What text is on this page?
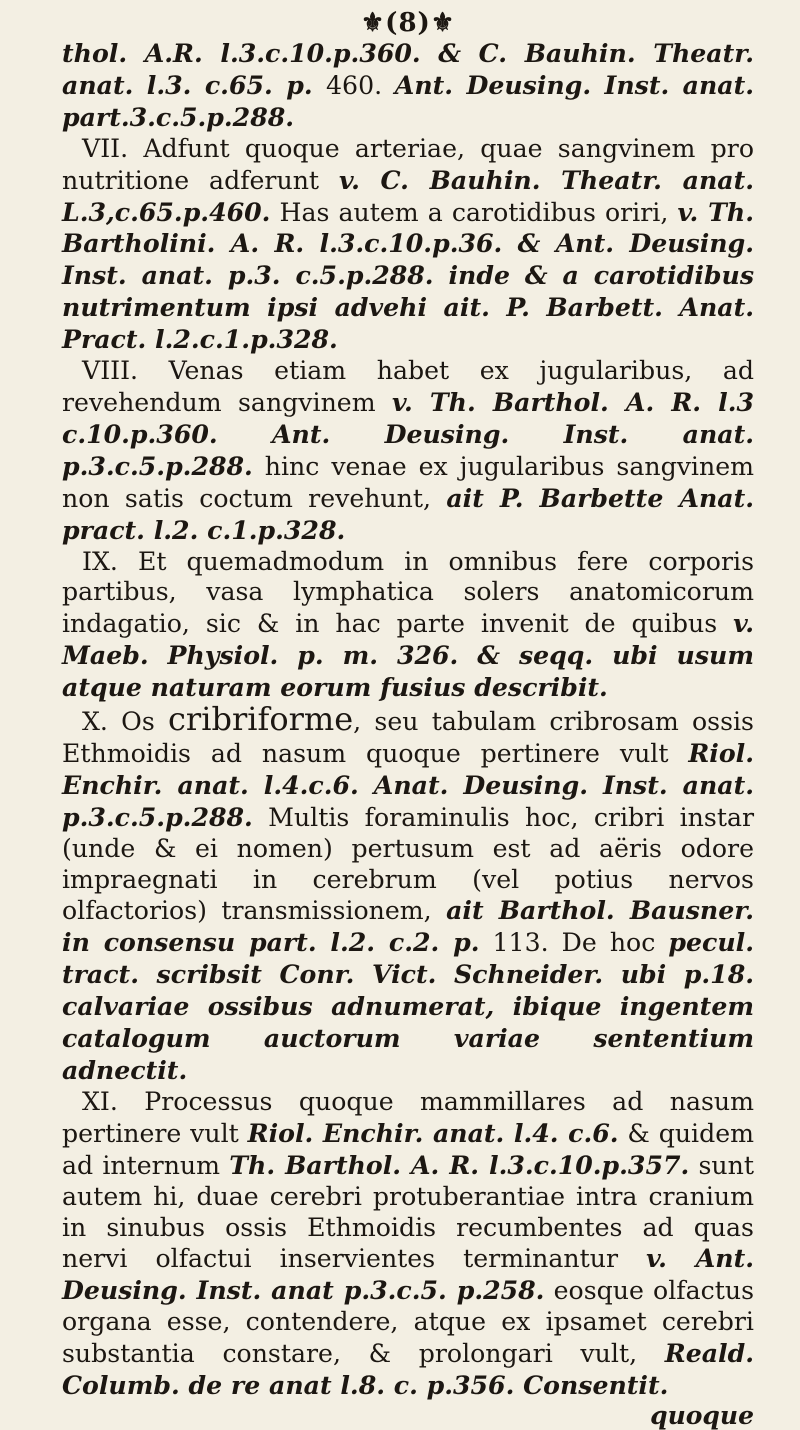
⚜(8)⚜

thol. A.R. l.3.c.10.p.360. & C. Bauhin. Theatr. anat. l.3. c.65. p. 460. Ant. Deusing. Inst. anat. part.3.c.5.p.288.

VII. Adfunt quoque arteriae, quae sangvinem pro nutritione adferunt v. C. Bauhin. Theatr. anat. L.3,c.65.p.460. Has autem a carotidibus oriri, v. Th. Bartholini. A. R. l.3.c.10.p.36. & Ant. Deusing. Inst. anat. p.3. c.5.p.288. inde & a carotidibus nutrimentum ipsi advehi ait. P. Barbett. Anat. Pract. l.2.c.1.p.328.

VIII. Venas etiam habet ex jugularibus, ad revehendum sangvinem v. Th. Barthol. A. R. l.3 c.10.p.360. Ant. Deusing. Inst. anat. p.3.c.5.p.288. hinc venae ex jugularibus sangvinem non satis coctum revehunt, ait P. Barbette Anat. pract. l.2. c.1.p.328.

IX. Et quemadmodum in omnibus fere corporis partibus, vasa lymphatica solers anatomicorum indagatio, sic & in hac parte invenit de quibus v. Maeb. Physiol. p. m. 326. & seqq. ubi usum atque naturam eorum fusius describit.

X. Os cribriforme, seu tabulam cribrosam ossis Ethmoidis ad nasum quoque pertinere vult Riol. Enchir. anat. l.4.c.6. Anat. Deusing. Inst. anat. p.3.c.5.p.288. Multis foraminulis hoc, cribri instar (unde & ei nomen) pertusum est ad aëris odore impraegnati in cerebrum (vel potius nervos olfactorios) transmissionem, ait Barthol. Bausner. in consensu part. l.2. c.2. p. 113. De hoc pecul. tract. scribsit Conr. Vict. Schneider. ubi p.18. calvariae ossibus adnumerat, ibique ingentem catalogum auctorum variae sententium adnectit.

XI. Processus quoque mammillares ad nasum pertinere vult Riol. Enchir. anat. l.4. c.6. & quidem ad internum Th. Barthol. A. R. l.3.c.10.p.357. sunt autem hi, duae cerebri protuberantiae intra cranium in sinubus ossis Ethmoidis recumbentes ad quas nervi olfactui inservientes terminantur v. Ant. Deusing. Inst. anat p.3.c.5. p.258. eosque olfactus organa esse, contendere, atque ex ipsamet cerebri substantia constare, & prolongari vult, Reald. Columb. de re anat l.8. c. p.356. Consentit.

quoque
